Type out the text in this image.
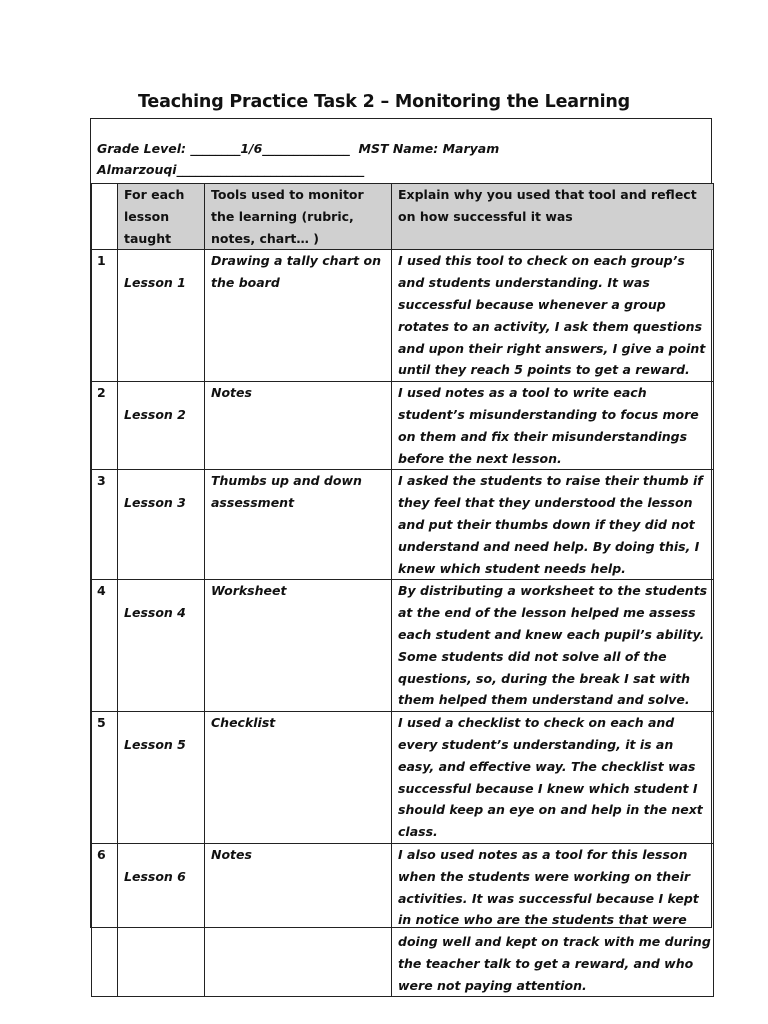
Teaching Practice Task 2 – Monitoring the Learning
Grade Level: ________1/6______________  MST Name: Maryam
Almarzouqi______________________________
	For each lesson taught	Tools used to monitor the learning (rubric, notes, chart… )	Explain why you used that tool and reflect on how successful it was
1	Lesson 1	Drawing a tally chart on the board	I used this tool to check on each group’s and students understanding. It was successful because whenever a group rotates to an activity, I ask them questions and upon their right answers, I give a point until they reach 5 points to get a reward.
2	Lesson 2	Notes	I used notes as a tool to write each student’s misunderstanding to focus more on them and fix their misunderstandings before the next lesson.
3	Lesson 3	Thumbs up and down assessment	I asked the students to raise their thumb if they feel that they understood the lesson and put their thumbs down if they did not understand and need help. By doing this, I knew which student needs help.
4	Lesson 4	Worksheet	By distributing a worksheet to the students at the end of the lesson helped me assess each student and knew each pupil’s ability. Some students did not solve all of the questions, so, during the break I sat with them helped them understand and solve.
5	Lesson 5	Checklist	I used a checklist to check on each and every student’s understanding, it is an easy, and effective way. The checklist was successful because I knew which student I should keep an eye on and help in the next class.
6	Lesson 6	Notes	I also used notes as a tool for this lesson when the students were working on their activities. It was successful because I kept in notice who are the students that were doing well and kept on track with me during the teacher talk to get a reward, and who were not paying attention.
